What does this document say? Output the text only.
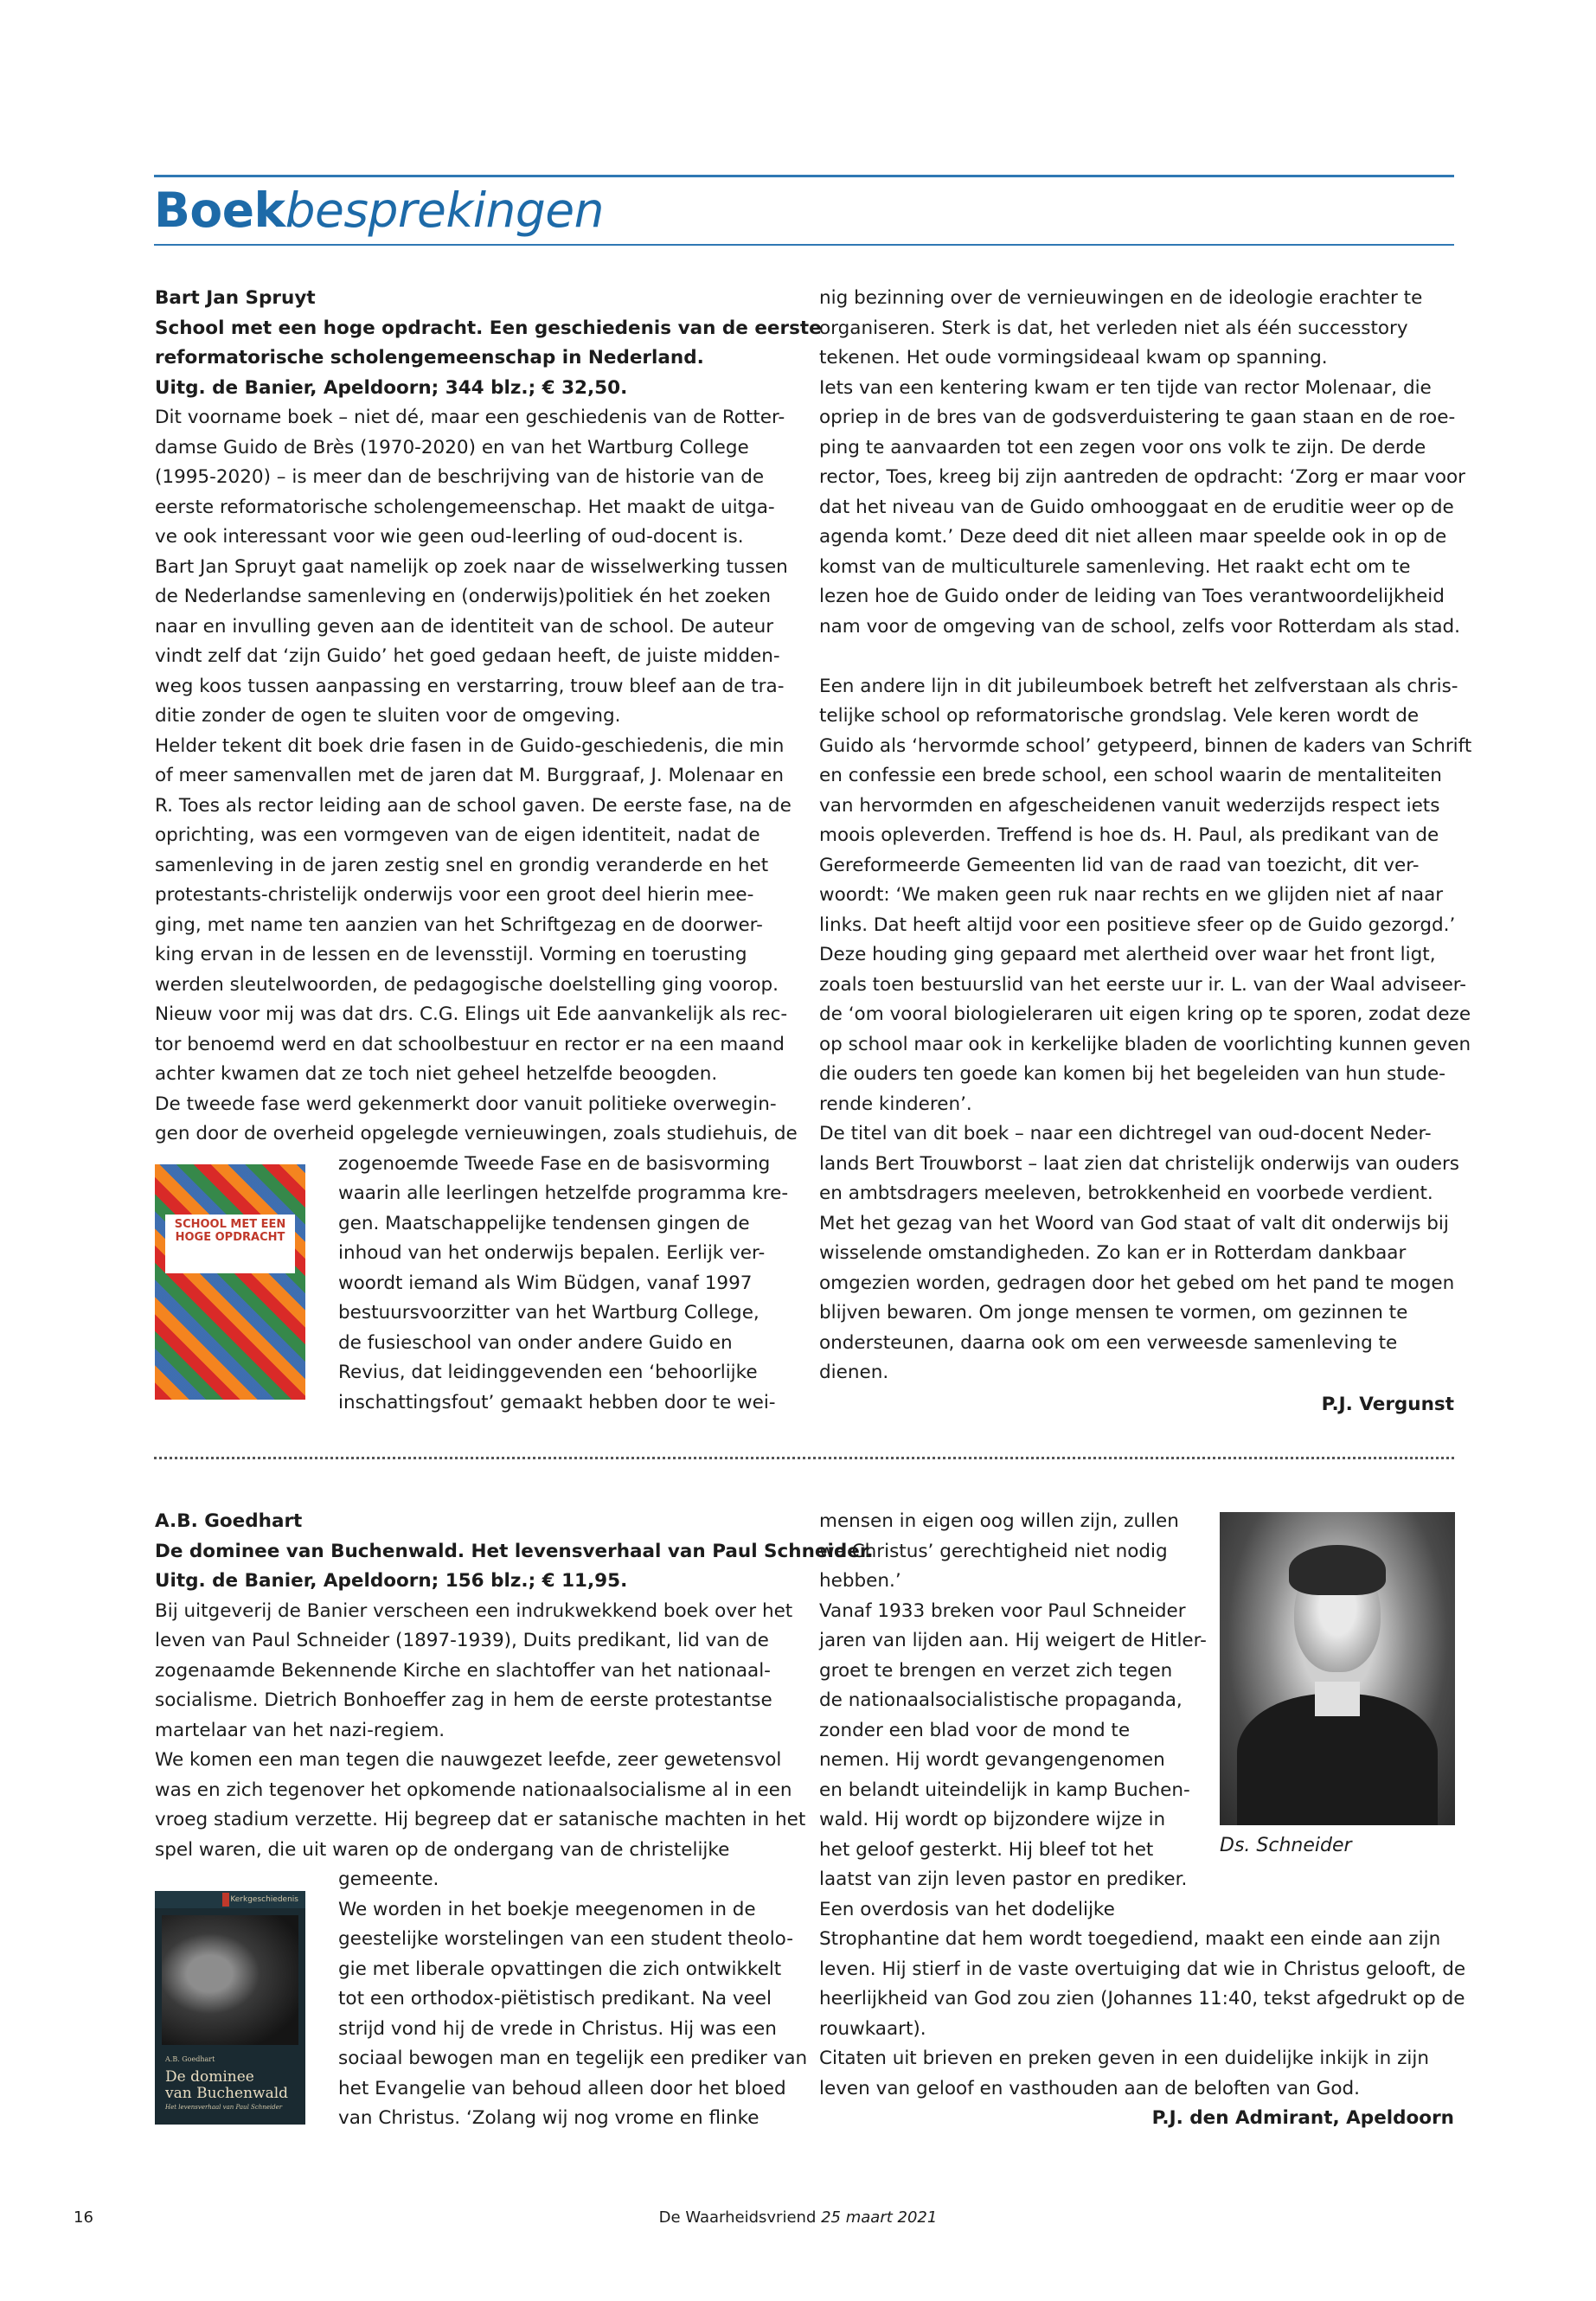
Boekbesprekingen
Bart Jan Spruyt
School met een hoge opdracht. Een geschiedenis van de eerste
reformatorische scholengemeenschap in Nederland.
Uitg. de Banier, Apeldoorn; 344 blz.; € 32,50.
Dit voorname boek – niet dé, maar een geschiedenis van de Rotter-
damse Guido de Brès (1970-2020) en van het Wartburg College
(1995-2020) – is meer dan de beschrijving van de historie van de
eerste reformatorische scholengemeenschap. Het maakt de uitga-
ve ook interessant voor wie geen oud-leerling of oud-docent is.
Bart Jan Spruyt gaat namelijk op zoek naar de wisselwerking tussen
de Nederlandse samenleving en (onderwijs)politiek én het zoeken
naar en invulling geven aan de identiteit van de school. De auteur
vindt zelf dat ‘zijn Guido’ het goed gedaan heeft, de juiste midden-
weg koos tussen aanpassing en verstarring, trouw bleef aan de tra-
ditie zonder de ogen te sluiten voor de omgeving.
Helder tekent dit boek drie fasen in de Guido-geschiedenis, die min
of meer samenvallen met de jaren dat M. Burggraaf, J. Molenaar en
R. Toes als rector leiding aan de school gaven. De eerste fase, na de
oprichting, was een vormgeven van de eigen identiteit, nadat de
samenleving in de jaren zestig snel en grondig veranderde en het
protestants-christelijk onderwijs voor een groot deel hierin mee-
ging, met name ten aanzien van het Schriftgezag en de doorwer-
king ervan in de lessen en de levensstijl. Vorming en toerusting
werden sleutelwoorden, de pedagogische doelstelling ging voorop.
Nieuw voor mij was dat drs. C.G. Elings uit Ede aanvankelijk als rec-
tor benoemd werd en dat schoolbestuur en rector er na een maand
achter kwamen dat ze toch niet geheel hetzelfde beoogden.
De tweede fase werd gekenmerkt door vanuit politieke overwegin-
gen door de overheid opgelegde vernieuwingen, zoals studiehuis, de
zogenoemde Tweede Fase en de basisvorming
waarin alle leerlingen hetzelfde programma kre-
gen. Maatschappelijke tendensen gingen de
inhoud van het onderwijs bepalen. Eerlijk ver-
woordt iemand als Wim Büdgen, vanaf 1997
bestuursvoorzitter van het Wartburg College,
de fusieschool van onder andere Guido en
Revius, dat leidinggevenden een ‘behoorlijke
inschattingsfout’ gemaakt hebben door te wei-
SCHOOL MET EEN
HOGE OPDRACHT
nig bezinning over de vernieuwingen en de ideologie erachter te
organiseren. Sterk is dat, het verleden niet als één successtory
tekenen. Het oude vormingsideaal kwam op spanning.
Iets van een kentering kwam er ten tijde van rector Molenaar, die
opriep in de bres van de godsverduistering te gaan staan en de roe-
ping te aanvaarden tot een zegen voor ons volk te zijn. De derde
rector, Toes, kreeg bij zijn aantreden de opdracht: ‘Zorg er maar voor
dat het niveau van de Guido omhooggaat en de eruditie weer op de
agenda komt.’ Deze deed dit niet alleen maar speelde ook in op de
komst van de multiculturele samenleving. Het raakt echt om te
lezen hoe de Guido onder de leiding van Toes verantwoordelijkheid
nam voor de omgeving van de school, zelfs voor Rotterdam als stad.
Een andere lijn in dit jubileumboek betreft het zelfverstaan als chris-
telijke school op reformatorische grondslag. Vele keren wordt de
Guido als ‘hervormde school’ getypeerd, binnen de kaders van Schrift
en confessie een brede school, een school waarin de mentaliteiten
van hervormden en afgescheidenen vanuit wederzijds respect iets
moois opleverden. Treffend is hoe ds. H. Paul, als predikant van de
Gereformeerde Gemeenten lid van de raad van toezicht, dit ver-
woordt: ‘We maken geen ruk naar rechts en we glijden niet af naar
links. Dat heeft altijd voor een positieve sfeer op de Guido gezorgd.’
Deze houding ging gepaard met alertheid over waar het front ligt,
zoals toen bestuurslid van het eerste uur ir. L. van der Waal adviseer-
de ‘om vooral biologieleraren uit eigen kring op te sporen, zodat deze
op school maar ook in kerkelijke bladen de voorlichting kunnen geven
die ouders ten goede kan komen bij het begeleiden van hun stude-
rende kinderen’.
De titel van dit boek – naar een dichtregel van oud-docent Neder-
lands Bert Trouwborst – laat zien dat christelijk onderwijs van ouders
en ambtsdragers meeleven, betrokkenheid en voorbede verdient.
Met het gezag van het Woord van God staat of valt dit onderwijs bij
wisselende omstandigheden. Zo kan er in Rotterdam dankbaar
omgezien worden, gedragen door het gebed om het pand te mogen
blijven bewaren. Om jonge mensen te vormen, om gezinnen te
ondersteunen, daarna ook om een verweesde samenleving te
dienen.
P.J. Vergunst
A.B. Goedhart
De dominee van Buchenwald. Het levensverhaal van Paul Schneider.
Uitg. de Banier, Apeldoorn; 156 blz.; € 11,95.
Bij uitgeverij de Banier verscheen een indrukwekkend boek over het
leven van Paul Schneider (1897-1939), Duits predikant, lid van de
zogenaamde Bekennende Kirche en slachtoffer van het nationaal-
socialisme. Dietrich Bonhoeffer zag in hem de eerste protestantse
martelaar van het nazi-regiem.
We komen een man tegen die nauwgezet leefde, zeer gewetensvol
was en zich tegenover het opkomende nationaalsocialisme al in een
vroeg stadium verzette. Hij begreep dat er satanische machten in het
spel waren, die uit waren op de ondergang van de christelijke
gemeente.
We worden in het boekje meegenomen in de
geestelijke worstelingen van een student theolo-
gie met liberale opvattingen die zich ontwikkelt
tot een orthodox-piëtistisch predikant. Na veel
strijd vond hij de vrede in Christus. Hij was een
sociaal bewogen man en tegelijk een prediker van
het Evangelie van behoud alleen door het bloed
van Christus. ‘Zolang wij nog vrome en flinke
Kerkgeschiedenis
A.B. Goedhart
De dominee
van Buchenwald
Het levensverhaal van Paul Schneider
mensen in eigen oog willen zijn, zullen
we Christus’ gerechtigheid niet nodig
hebben.’
Vanaf 1933 breken voor Paul Schneider
jaren van lijden aan. Hij weigert de Hitler-
groet te brengen en verzet zich tegen
de nationaalsocialistische propaganda,
zonder een blad voor de mond te
nemen. Hij wordt gevangengenomen
en belandt uiteindelijk in kamp Buchen-
wald. Hij wordt op bijzondere wijze in
het geloof gesterkt. Hij bleef tot het
laatst van zijn leven pastor en prediker.
Een overdosis van het dodelijke
Strophantine dat hem wordt toegediend, maakt een einde aan zijn
leven. Hij stierf in de vaste overtuiging dat wie in Christus gelooft, de
heerlijkheid van God zou zien (Johannes 11:40, tekst afgedrukt op de
rouwkaart).
Citaten uit brieven en preken geven in een duidelijke inkijk in zijn
leven van geloof en vasthouden aan de beloften van God.
P.J. den Admirant, Apeldoorn
Ds. Schneider
16	De Waarheidsvriend 25 maart 2021
